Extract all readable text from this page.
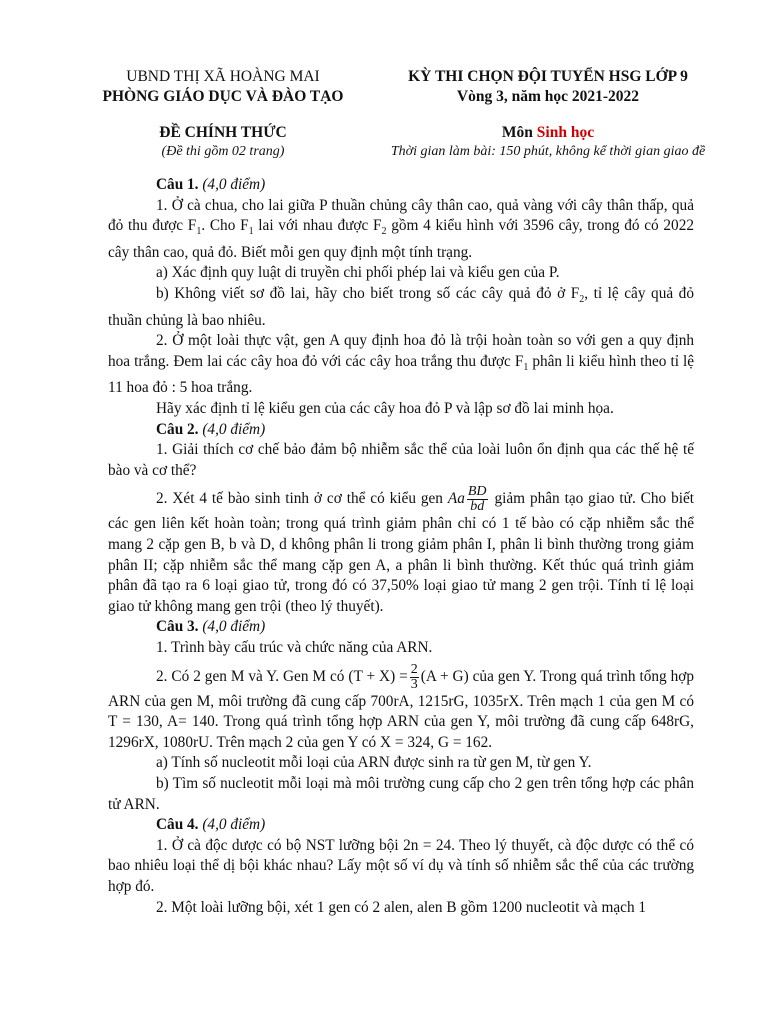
UBND THỊ XÃ HOÀNG MAI
PHÒNG GIÁO DỤC VÀ ĐÀO TẠO
KỲ THI CHỌN ĐỘI TUYỂN HSG LỚP 9
Vòng 3, năm học 2021-2022
ĐỀ CHÍNH THỨC
(Đề thi gồm 02 trang)
Môn Sinh học
Thời gian làm bài: 150 phút, không kể thời gian giao đề

Câu 1. (4,0 điểm)

1. Ở cà chua, cho lai giữa P thuần chủng cây thân cao, quả vàng với cây thân thấp, quả đỏ thu được $F_1$. Cho $F_1$ lai với nhau được $F_2$ gồm 4 kiểu hình với 3596 cây, trong đó có 2022 cây thân cao, quả đỏ. Biết mỗi gen quy định một tính trạng.

a) Xác định quy luật di truyền chi phối phép lai và kiểu gen của P.

b) Không viết sơ đồ lai, hãy cho biết trong số các cây quả đỏ ở $F_2$, tỉ lệ cây quả đỏ thuần chủng là bao nhiêu.

2. Ở một loài thực vật, gen A quy định hoa đỏ là trội hoàn toàn so với gen a quy định hoa trắng. Đem lai các cây hoa đỏ với các cây hoa trắng thu được $F_1$ phân li kiểu hình theo tỉ lệ 11 hoa đỏ : 5 hoa trắng.

Hãy xác định tỉ lệ kiểu gen của các cây hoa đỏ P và lập sơ đồ lai minh họa.

Câu 2. (4,0 điểm)

1. Giải thích cơ chế bảo đảm bộ nhiễm sắc thể của loài luôn ổn định qua các thế hệ tế bào và cơ thể?

2. Xét 4 tế bào sinh tinh ở cơ thể có kiểu gen Aa $\frac{BD}{bd}$ giảm phân tạo giao tử. Cho biết các gen liên kết hoàn toàn; trong quá trình giảm phân chỉ có 1 tế bào có cặp nhiễm sắc thể mang 2 cặp gen B, b và D, d không phân li trong giảm phân I, phân li bình thường trong giảm phân II; cặp nhiễm sắc thể mang cặp gen A, a phân li bình thường. Kết thúc quá trình giảm phân đã tạo ra 6 loại giao tử, trong đó có 37,50% loại giao tử mang 2 gen trội. Tính tỉ lệ loại giao tử không mang gen trội (theo lý thuyết).

Câu 3. (4,0 điểm)

1. Trình bày cấu trúc và chức năng của ARN.

2. Có 2 gen M và Y. Gen M có $(T + X) = \frac{2}{3} (A + G)$ của gen Y. Trong quá trình tổng hợp ARN của gen M, môi trường đã cung cấp 700rA, 1215rG, 1035rX. Trên mạch 1 của gen M có T = 130, A= 140. Trong quá trình tổng hợp ARN của gen Y, môi trường đã cung cấp 648rG, 1296rX, 1080rU. Trên mạch 2 của gen Y có X = 324, G = 162.

a) Tính số nucleotit mỗi loại của ARN được sinh ra từ gen M, từ gen Y.

b) Tìm số nucleotit mỗi loại mà môi trường cung cấp cho 2 gen trên tổng hợp các phân tử ARN.

Câu 4. (4,0 điểm)

1. Ở cà độc dược có bộ NST lưỡng bội 2n = 24. Theo lý thuyết, cà độc dược có thể có bao nhiêu loại thể dị bội khác nhau? Lấy một số ví dụ và tính số nhiễm sắc thể của các trường hợp đó.

2. Một loài lưỡng bội, xét 1 gen có 2 alen, alen B gồm 1200 nucleotit và mạch 1
